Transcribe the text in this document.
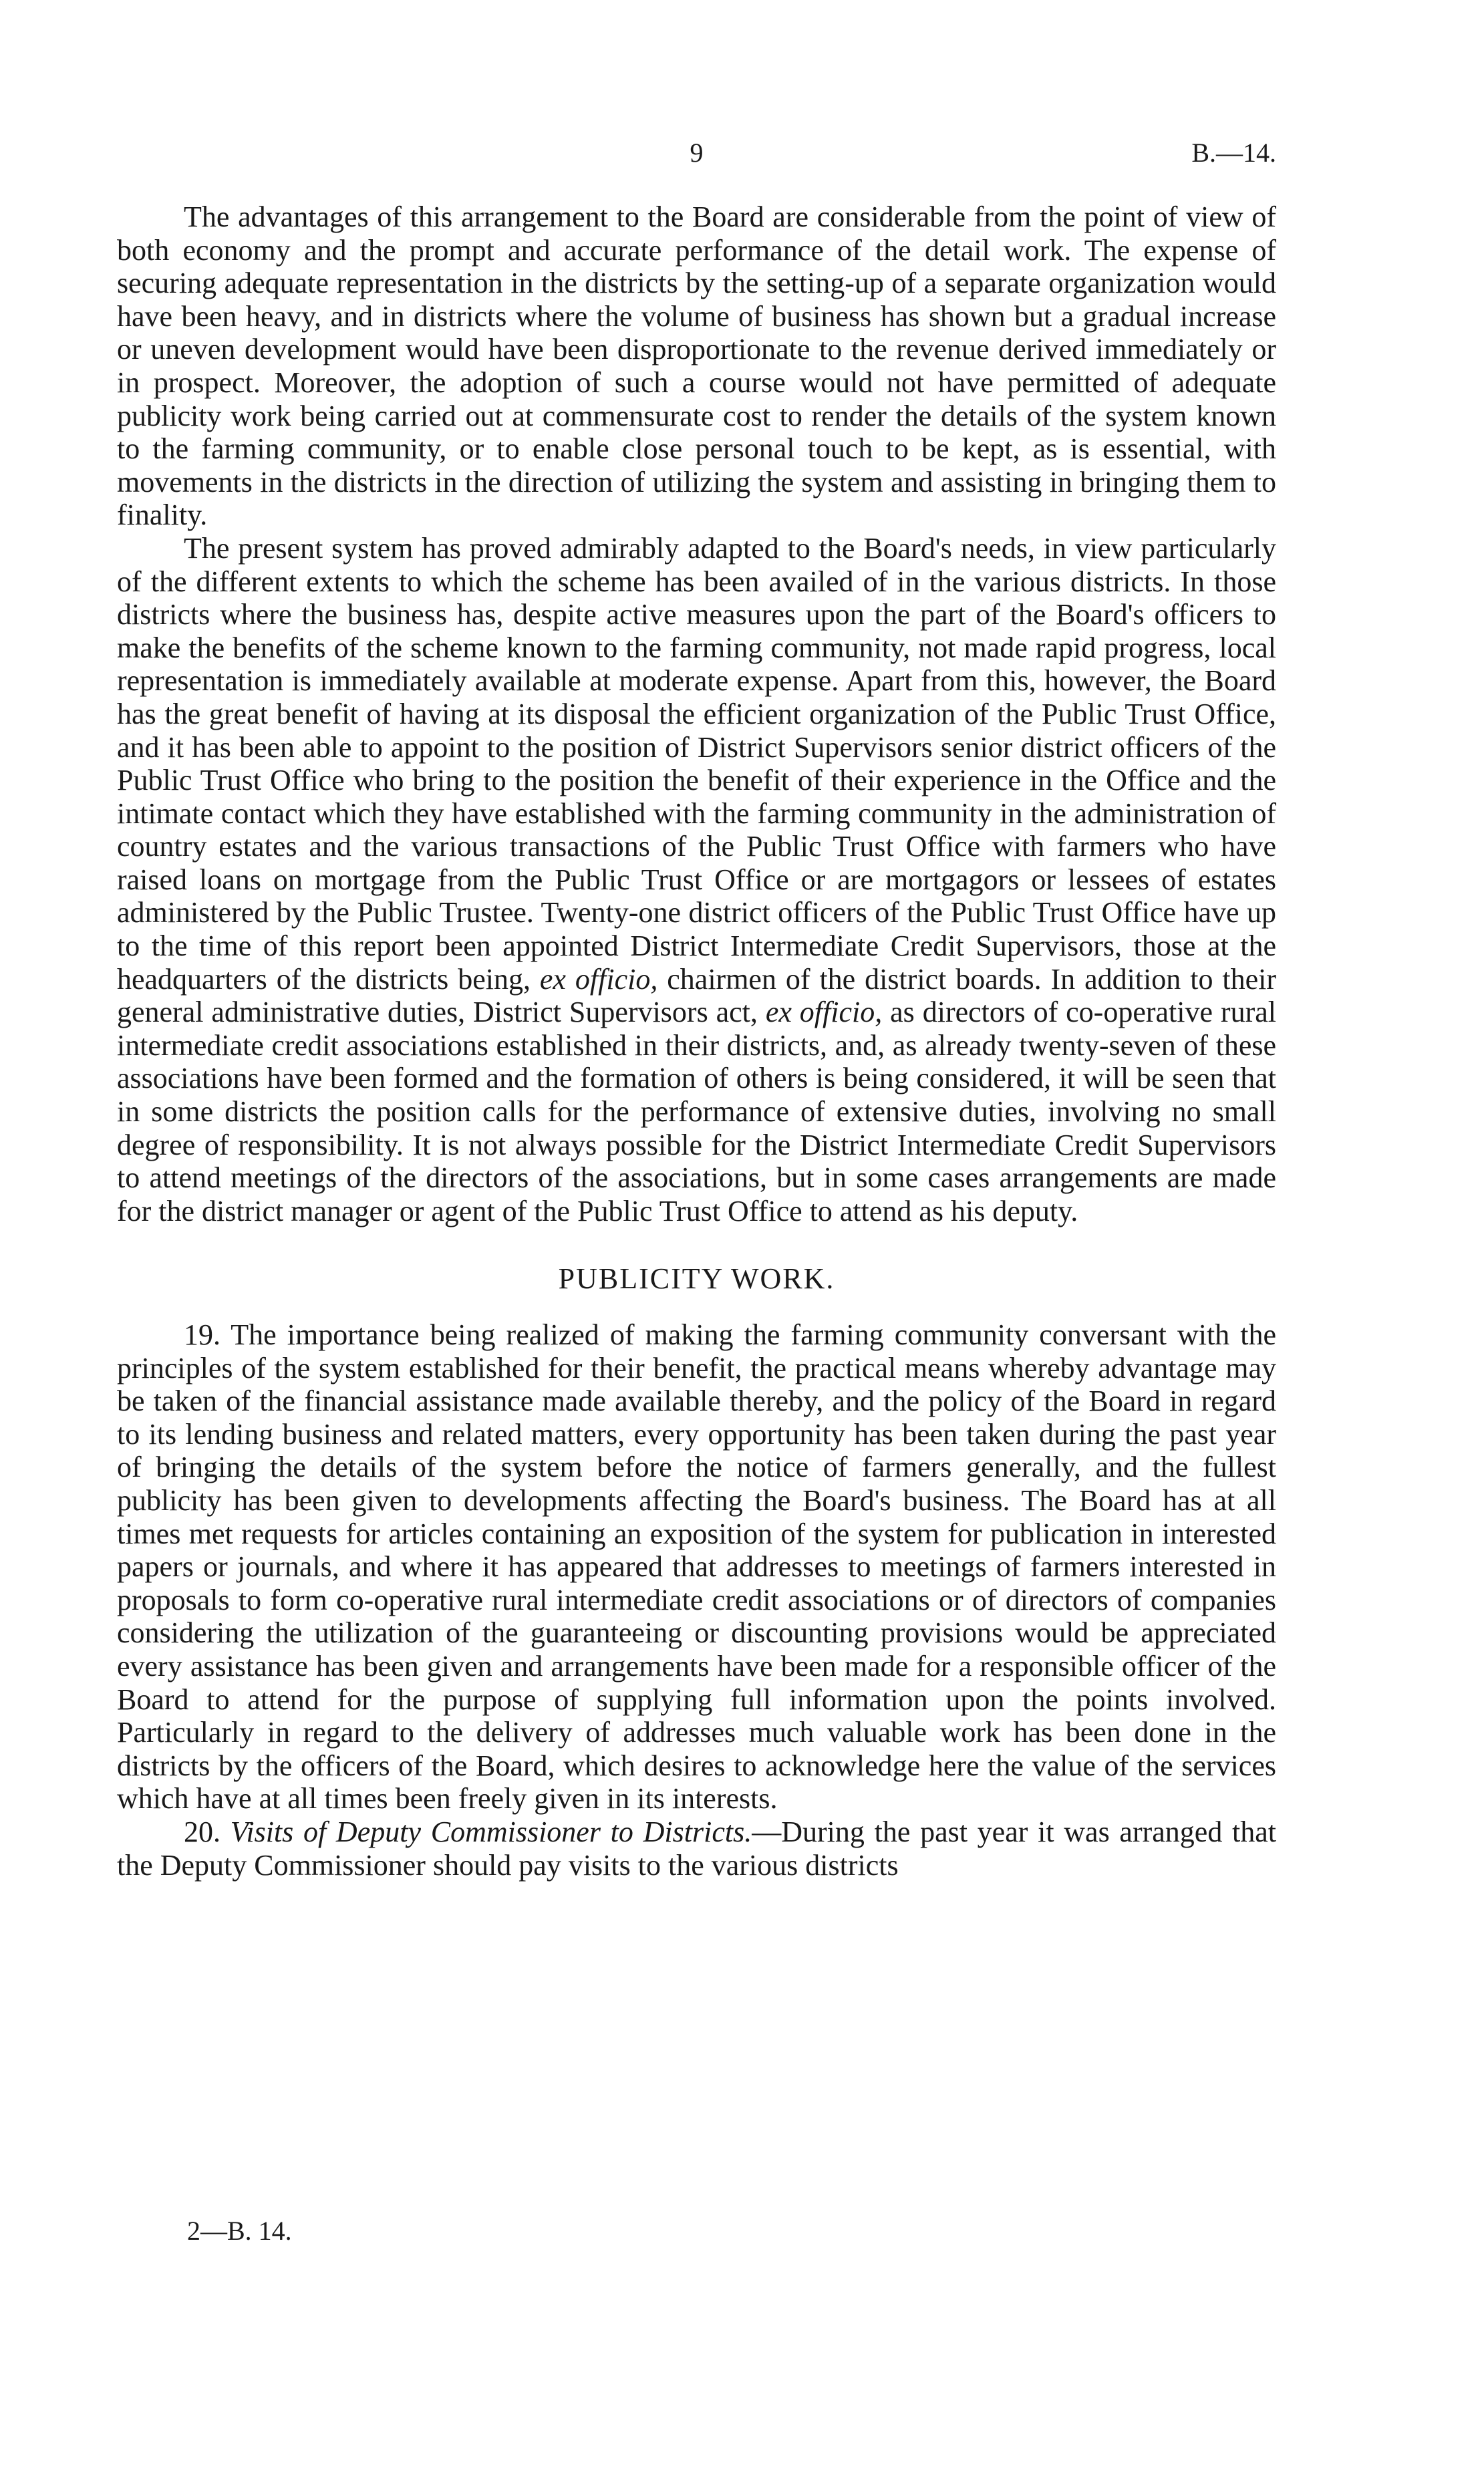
9	B.—14.

The advantages of this arrangement to the Board are considerable from the point of view of both economy and the prompt and accurate performance of the detail work. The expense of securing adequate representation in the districts by the setting-up of a separate organization would have been heavy, and in districts where the volume of business has shown but a gradual increase or uneven development would have been disproportionate to the revenue derived immediately or in prospect. Moreover, the adoption of such a course would not have permitted of adequate publicity work being carried out at commensurate cost to render the details of the system known to the farming community, or to enable close personal touch to be kept, as is essential, with movements in the districts in the direction of utilizing the system and assisting in bringing them to finality.

The present system has proved admirably adapted to the Board's needs, in view particularly of the different extents to which the scheme has been availed of in the various districts. In those districts where the business has, despite active measures upon the part of the Board's officers to make the benefits of the scheme known to the farming community, not made rapid progress, local representation is immediately available at moderate expense. Apart from this, however, the Board has the great benefit of having at its disposal the efficient organization of the Public Trust Office, and it has been able to appoint to the position of District Supervisors senior district officers of the Public Trust Office who bring to the position the benefit of their experience in the Office and the intimate contact which they have established with the farming community in the administration of country estates and the various transactions of the Public Trust Office with farmers who have raised loans on mortgage from the Public Trust Office or are mortgagors or lessees of estates administered by the Public Trustee. Twenty-one district officers of the Public Trust Office have up to the time of this report been appointed District Intermediate Credit Supervisors, those at the headquarters of the districts being, ex officio, chairmen of the district boards. In addition to their general administrative duties, District Supervisors act, ex officio, as directors of co-operative rural intermediate credit associations established in their districts, and, as already twenty-seven of these associations have been formed and the formation of others is being considered, it will be seen that in some districts the position calls for the performance of extensive duties, involving no small degree of responsibility. It is not always possible for the District Intermediate Credit Supervisors to attend meetings of the directors of the associations, but in some cases arrangements are made for the district manager or agent of the Public Trust Office to attend as his deputy.

PUBLICITY WORK.

19. The importance being realized of making the farming community conversant with the principles of the system established for their benefit, the practical means whereby advantage may be taken of the financial assistance made available thereby, and the policy of the Board in regard to its lending business and related matters, every opportunity has been taken during the past year of bringing the details of the system before the notice of farmers generally, and the fullest publicity has been given to developments affecting the Board's business. The Board has at all times met requests for articles containing an exposition of the system for publication in interested papers or journals, and where it has appeared that addresses to meetings of farmers interested in proposals to form co-operative rural intermediate credit associations or of directors of companies considering the utilization of the guaranteeing or discounting provisions would be appreciated every assistance has been given and arrangements have been made for a responsible officer of the Board to attend for the purpose of supplying full information upon the points involved. Particularly in regard to the delivery of addresses much valuable work has been done in the districts by the officers of the Board, which desires to acknowledge here the value of the services which have at all times been freely given in its interests.

20. Visits of Deputy Commissioner to Districts.—During the past year it was arranged that the Deputy Commissioner should pay visits to the various districts

2—B. 14.
